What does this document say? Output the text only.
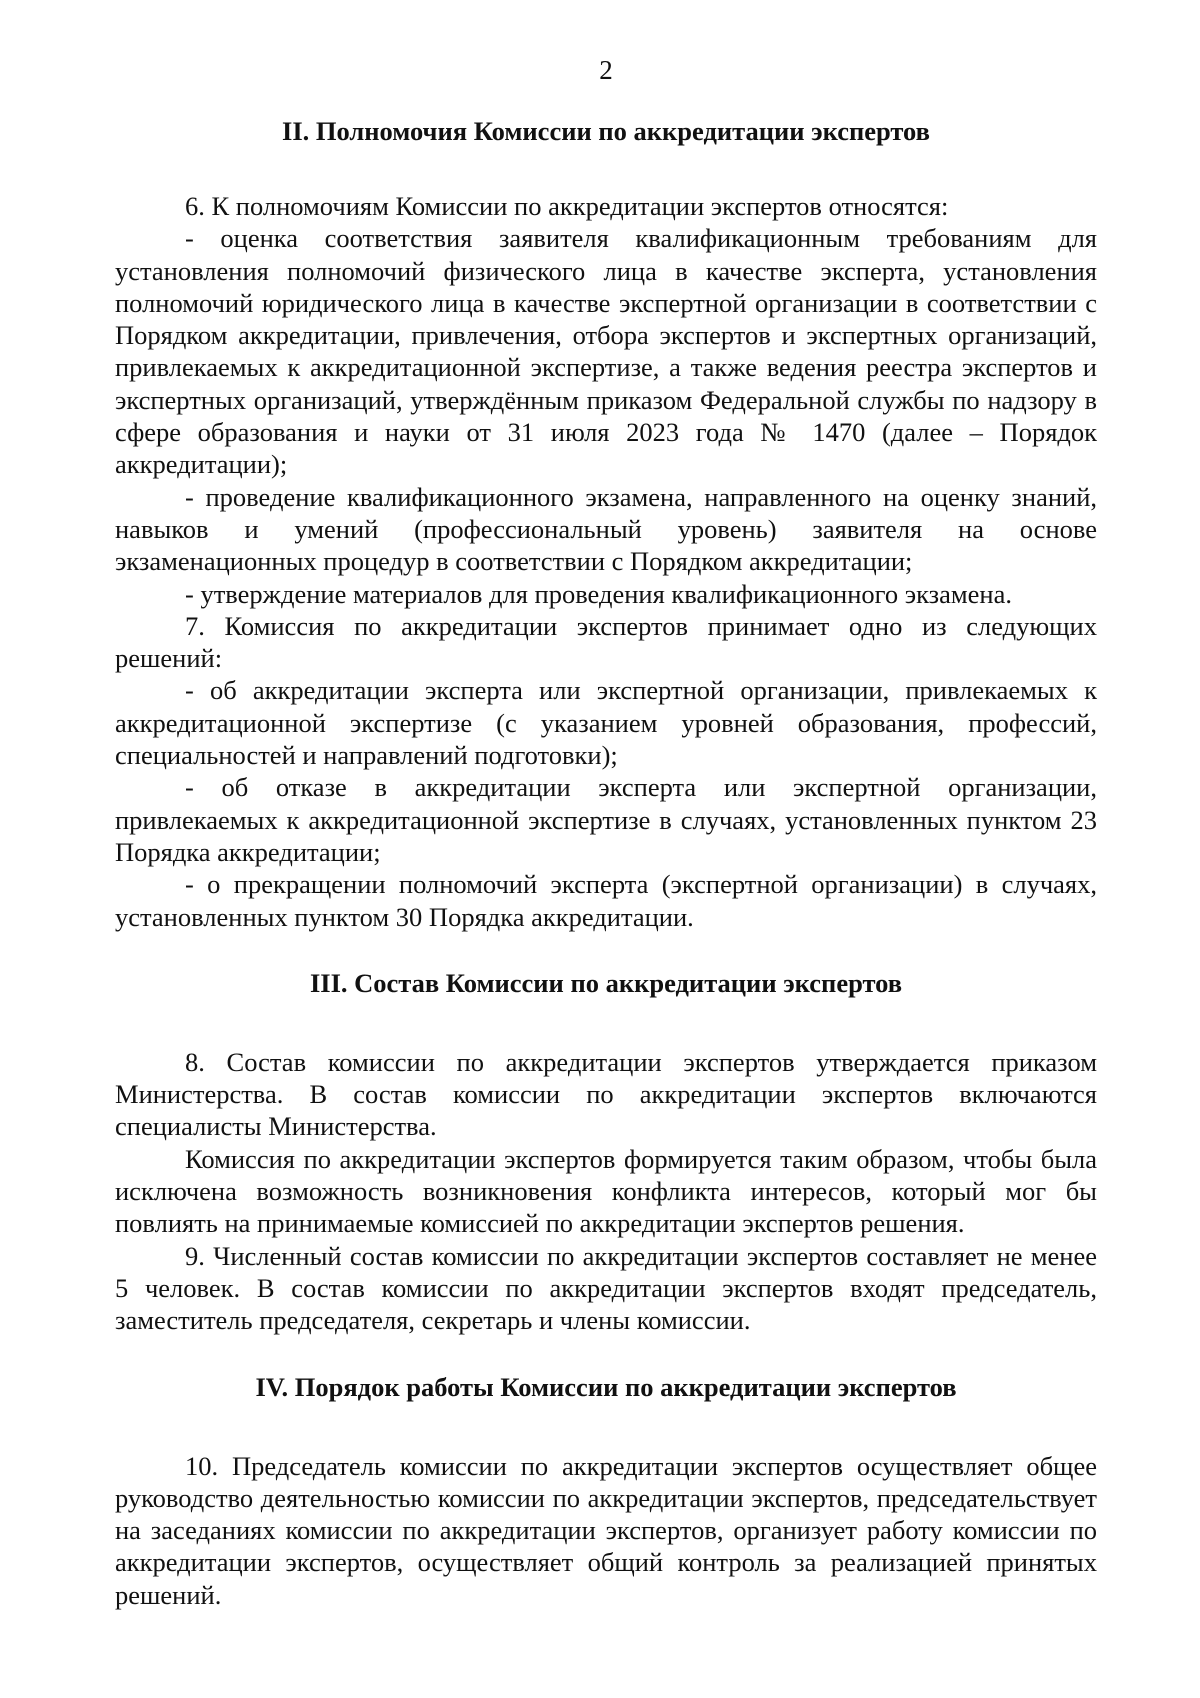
2
II. Полномочия Комиссии по аккредитации экспертов

6. К полномочиям Комиссии по аккредитации экспертов относятся:

- оценка соответствия заявителя квалификационным требованиям для установления полномочий физического лица в качестве эксперта, установления полномочий юридического лица в качестве экспертной организации в соответствии с Порядком аккредитации, привлечения, отбора экспертов и экспертных организаций, привлекаемых к аккредитационной экспертизе, а также ведения реестра экспертов и экспертных организаций, утверждённым приказом Федеральной службы по надзору в сфере образования и науки от 31 июля 2023 года № 1470 (далее – Порядок аккредитации);

- проведение квалификационного экзамена, направленного на оценку знаний, навыков и умений (профессиональный уровень) заявителя на основе экзаменационных процедур в соответствии с Порядком аккредитации;

- утверждение материалов для проведения квалификационного экзамена.

7. Комиссия по аккредитации экспертов принимает одно из следующих решений:

- об аккредитации эксперта или экспертной организации, привлекаемых к аккредитационной экспертизе (с указанием уровней образования, профессий, специальностей и направлений подготовки);

- об отказе в аккредитации эксперта или экспертной организации, привлекаемых к аккредитационной экспертизе в случаях, установленных пунктом 23 Порядка аккредитации;

- о прекращении полномочий эксперта (экспертной организации) в случаях, установленных пунктом 30 Порядка аккредитации.

III. Состав Комиссии по аккредитации экспертов

8. Состав комиссии по аккредитации экспертов утверждается приказом Министерства. В состав комиссии по аккредитации экспертов включаются специалисты Министерства.

Комиссия по аккредитации экспертов формируется таким образом, чтобы была исключена возможность возникновения конфликта интересов, который мог бы повлиять на принимаемые комиссией по аккредитации экспертов решения.

9. Численный состав комиссии по аккредитации экспертов составляет не менее 5 человек. В состав комиссии по аккредитации экспертов входят председатель, заместитель председателя, секретарь и члены комиссии.

IV. Порядок работы Комиссии по аккредитации экспертов

10. Председатель комиссии по аккредитации экспертов осуществляет общее руководство деятельностью комиссии по аккредитации экспертов, председательствует на заседаниях комиссии по аккредитации экспертов, организует работу комиссии по аккредитации экспертов, осуществляет общий контроль за реализацией принятых решений.
